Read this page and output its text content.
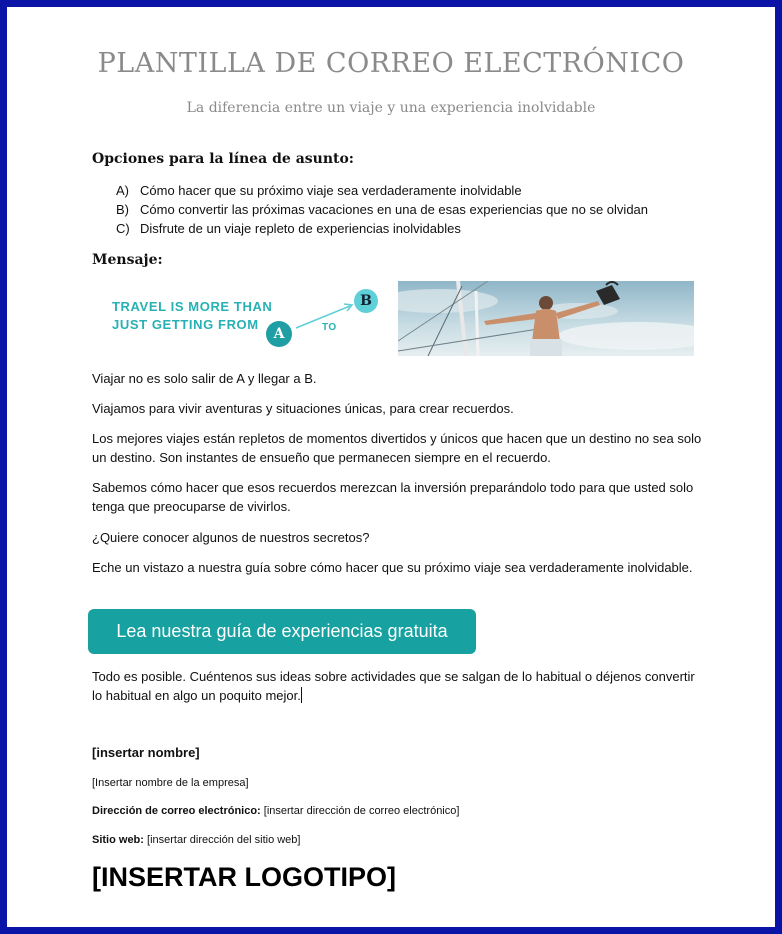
PLANTILLA DE CORREO ELECTRÓNICO
La diferencia entre un viaje y una experiencia inolvidable
Opciones para la línea de asunto:
A) Cómo hacer que su próximo viaje sea verdaderamente inolvidable
B) Cómo convertir las próximas vacaciones en una de esas experiencias que no se olvidan
C) Disfrute de un viaje repleto de experiencias inolvidables
Mensaje:
TRAVEL IS MORE THAN
JUST GETTING FROM
A	TO
B
Viajar no es solo salir de A y llegar a B.
Viajamos para vivir aventuras y situaciones únicas, para crear recuerdos.
Los mejores viajes están repletos de momentos divertidos y únicos que hacen que un destino no sea solo un destino. Son instantes de ensueño que permanecen siempre en el recuerdo.
Sabemos cómo hacer que esos recuerdos merezcan la inversión preparándolo todo para que usted solo tenga que preocuparse de vivirlos.
¿Quiere conocer algunos de nuestros secretos?
Eche un vistazo a nuestra guía sobre cómo hacer que su próximo viaje sea verdaderamente inolvidable.
Lea nuestra guía de experiencias gratuita
Todo es posible. Cuéntenos sus ideas sobre actividades que se salgan de lo habitual o déjenos convertir lo habitual en algo un poquito mejor.
[insertar nombre]
[Insertar nombre de la empresa]
Dirección de correo electrónico: [insertar dirección de correo electrónico]
Sitio web: [insertar dirección del sitio web]
[INSERTAR LOGOTIPO]
